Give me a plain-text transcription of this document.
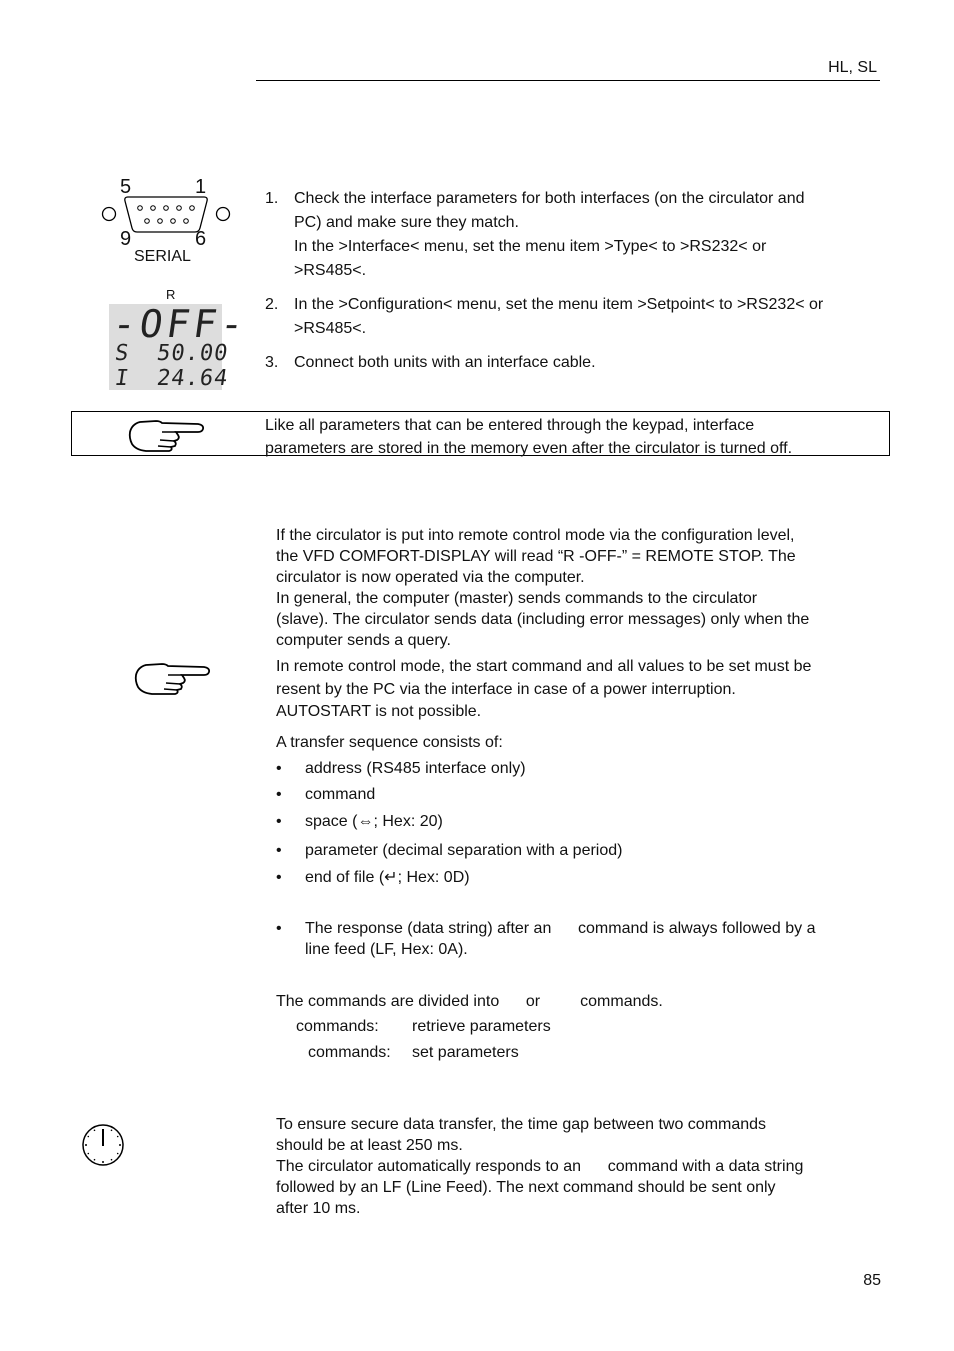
HL, SL
5	1
9	6
SERIAL
R
-OFF-
S 50.00
I 24.64
1. Check the interface parameters for both interfaces (on the circulator and
PC) and make sure they match.
In the >Interface< menu, set the menu item >Type< to >RS232< or
>RS485<.
2. In the >Configuration< menu, set the menu item >Setpoint< to >RS232< or
>RS485<.
3. Connect both units with an interface cable.
Like all parameters that can be entered through the keypad, interface
parameters are stored in the memory even after the circulator is turned off.
If the circulator is put into remote control mode via the configuration level,
the VFD COMFORT-DISPLAY will read “R -OFF-” = REMOTE STOP. The
circulator is now operated via the computer.
In general, the computer (master) sends commands to the circulator
(slave). The circulator sends data (including error messages) only when the
computer sends a query.
In remote control mode, the start command and all values to be set must be
resent by the PC via the interface in case of a power interruption.
AUTOSTART is not possible.
A transfer sequence consists of:
• address (RS485 interface only)
• command
• space (⇔; Hex: 20)
• parameter (decimal separation with a period)
• end of file (↵; Hex: 0D)
• The response (data string) after an      command is always followed by a
line feed (LF, Hex: 0A).
The commands are divided into      or         commands.
commands: retrieve parameters
commands: set parameters
To ensure secure data transfer, the time gap between two commands
should be at least 250 ms.
The circulator automatically responds to an      command with a data string
followed by an LF (Line Feed). The next command should be sent only
after 10 ms.
85
